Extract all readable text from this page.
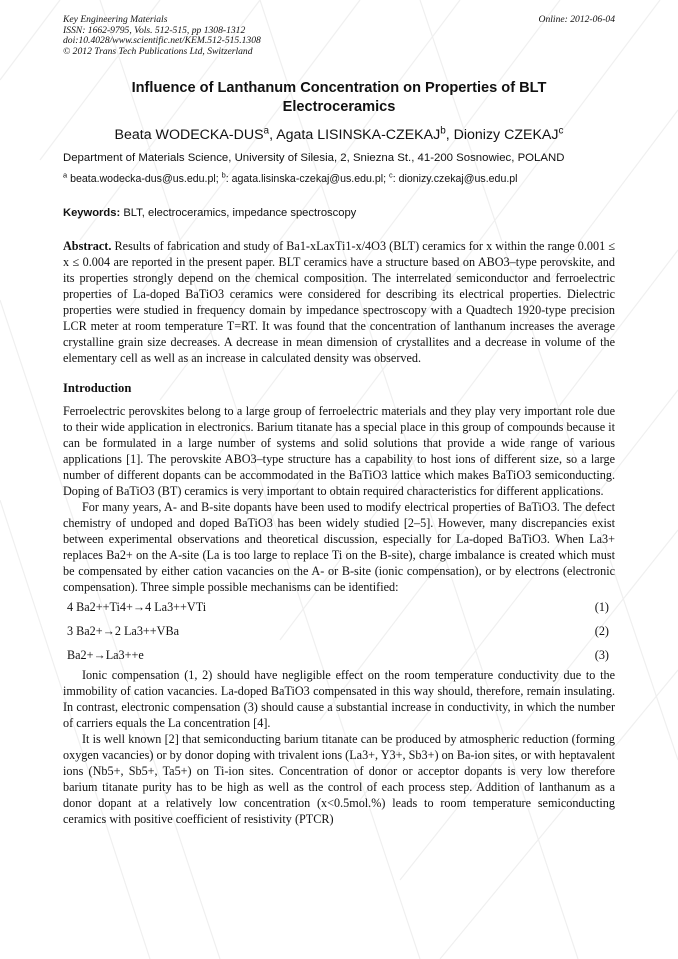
Key Engineering Materials
ISSN: 1662-9795, Vols. 512-515, pp 1308-1312
doi:10.4028/www.scientific.net/KEM.512-515.1308
© 2012 Trans Tech Publications Ltd, Switzerland
Online: 2012-06-04
Influence of Lanthanum Concentration on Properties of BLT Electroceramics
Beata WODECKA-DUS$^a$, Agata LISINSKA-CZEKAJ$^b$, Dionizy CZEKAJ$^c$
Department of Materials Science, University of Silesia, 2, Sniezna St., 41-200 Sosnowiec, POLAND
$^a$ beata.wodecka-dus@us.edu.pl; $^b$: agata.lisinska-czekaj@us.edu.pl; $^c$: dionizy.czekaj@us.edu.pl
Keywords: BLT, electroceramics, impedance spectroscopy

Abstract. Results of fabrication and study of Ba1-xLaxTi1-x/4O3 (BLT) ceramics for x within the range 0.001 ≤ x ≤ 0.004 are reported in the present paper. BLT ceramics have a structure based on ABO3–type perovskite, and its properties strongly depend on the chemical composition. The interrelated semiconductor and ferroelectric properties of La-doped BaTiO3 ceramics were considered for describing its electrical properties. Dielectric properties were studied in frequency domain by impedance spectroscopy with a Quadtech 1920-type precision LCR meter at room temperature T=RT. It was found that the concentration of lanthanum increases the average crystalline grain size decreases. A decrease in mean dimension of crystallites and a decrease in volume of the elementary cell as well as an increase in calculated density was observed.

Introduction

Ferroelectric perovskites belong to a large group of ferroelectric materials and they play very important role due to their wide application in electronics. Barium titanate has a special place in this group of compounds because it can be formulated in a large number of systems and solid solutions that provide a wide range of various applications [1]. The perovskite ABO3–type structure has a capability to host ions of different size, so a large number of different dopants can be accommodated in the BaTiO3 lattice which makes BaTiO3 semiconducting. Doping of BaTiO3 (BT) ceramics is very important to obtain required characteristics for different applications.

For many years, A- and B-site dopants have been used to modify electrical properties of BaTiO3. The defect chemistry of undoped and doped BaTiO3 has been widely studied [2–5]. However, many discrepancies exist between experimental observations and theoretical discussion, especially for La-doped BaTiO3. When La3+ replaces Ba2+ on the A-site (La is too large to replace Ti on the B-site), charge imbalance is created which must be compensated by either cation vacancies on the A- or B-site (ionic compensation), or by electrons (electronic compensation). Three simple possible mechanisms can be identified:

4 Ba2++Ti4+→4 La3++VTi	(1)
3 Ba2+→2 La3++VBa	(2)
Ba2+→La3++e	(3)

Ionic compensation (1, 2) should have negligible effect on the room temperature conductivity due to the immobility of cation vacancies. La-doped BaTiO3 compensated in this way should, therefore, remain insulating. In contrast, electronic compensation (3) should cause a substantial increase in conductivity, in which the number of carriers equals the La concentration [4].

It is well known [2] that semiconducting barium titanate can be produced by atmospheric reduction (forming oxygen vacancies) or by donor doping with trivalent ions (La3+, Y3+, Sb3+) on Ba-ion sites, or with heptavalent ions (Nb5+, Sb5+, Ta5+) on Ti-ion sites. Concentration of donor or acceptor dopants is very low therefore barium titanate purity has to be high as well as the control of each process step. Addition of lanthanum as a donor dopant at a relatively low concentration (x<0.5mol.%) leads to room temperature semiconducting ceramics with positive coefficient of resistivity (PTCR)
